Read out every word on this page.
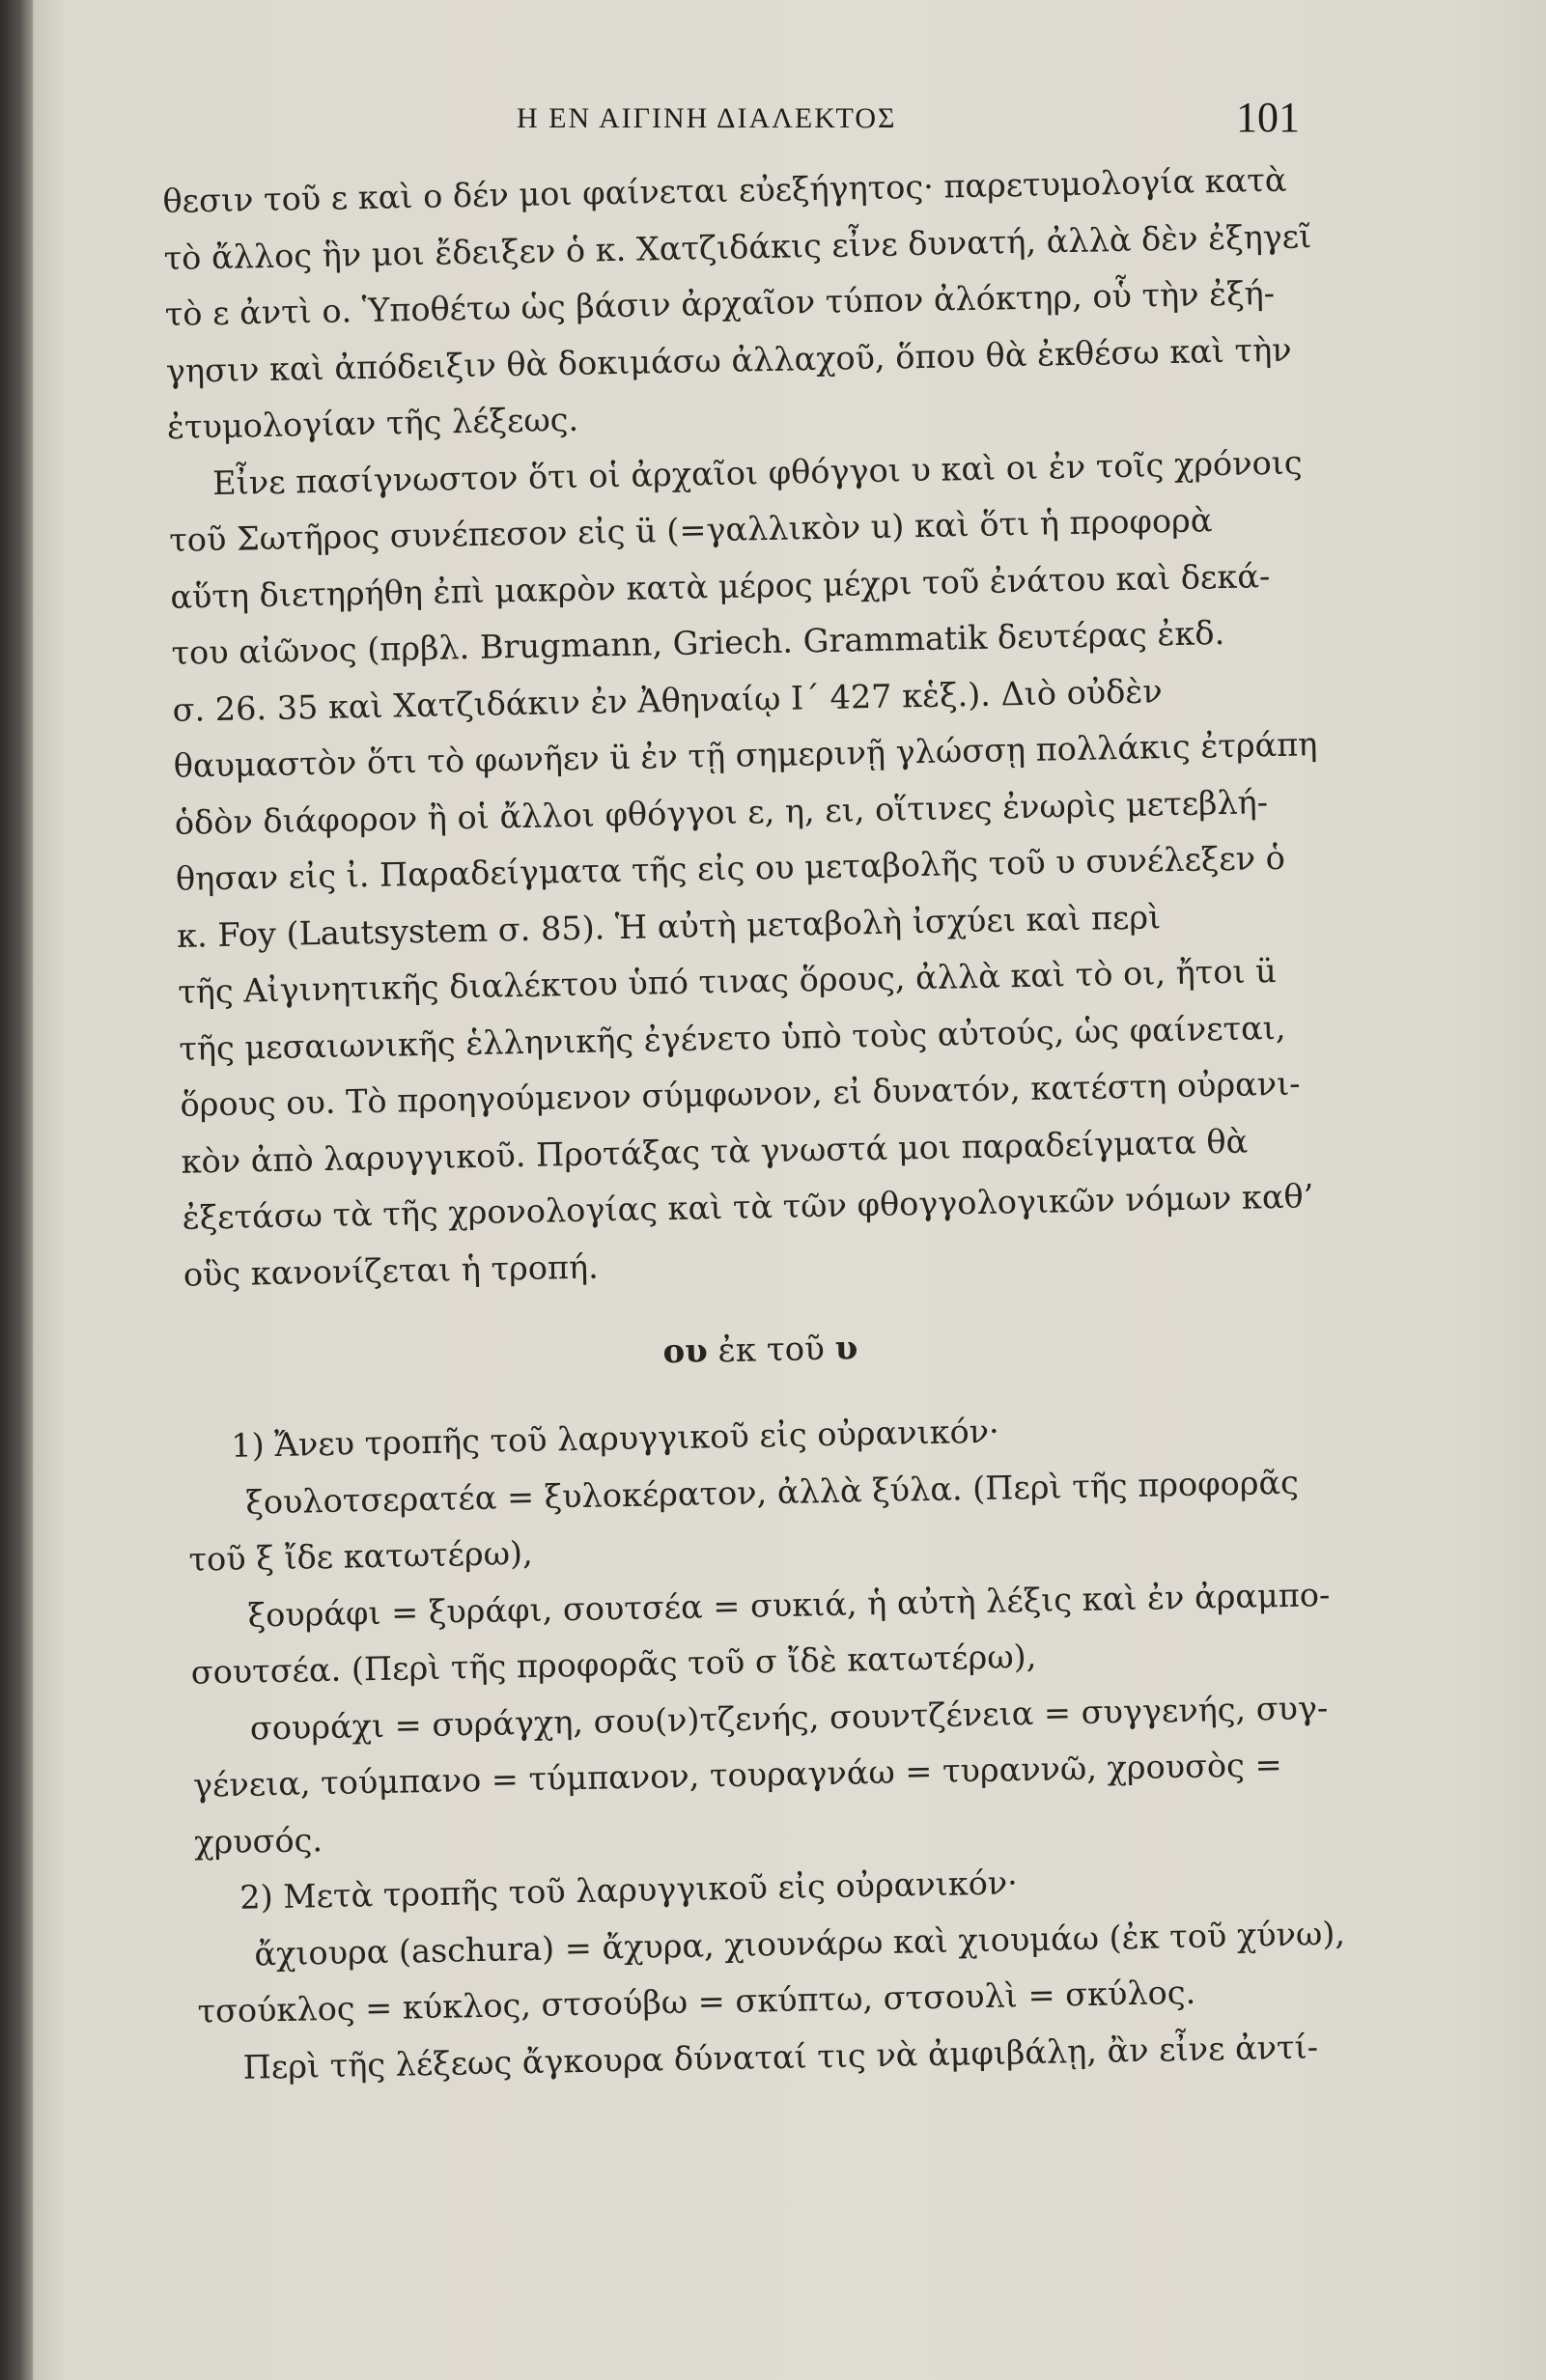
Η ΕΝ ΑΙΓΙΝΗ ΔΙΑΛΕΚΤΟΣ	101
θεσιν τοῦ ε καὶ ο δέν μοι φαίνεται εὐεξήγητος· παρετυμολογία κατὰ
τὸ ἄλλος ἣν μοι ἔδειξεν ὁ κ. Χατζιδάκις εἶνε δυνατή, ἀλλὰ δὲν ἐξηγεῖ
τὸ ε ἀντὶ ο. Ὑποθέτω ὡς βάσιν ἀρχαῖον τύπον ἀλόκτηρ, οὗ τὴν ἐξή-
γησιν καὶ ἀπόδειξιν θὰ δοκιμάσω ἀλλαχοῦ, ὅπου θὰ ἐκθέσω καὶ τὴν
ἐτυμολογίαν τῆς λέξεως.
Εἶνε πασίγνωστον ὅτι οἱ ἀρχαῖοι φθόγγοι υ καὶ οι ἐν τοῖς χρόνοις
τοῦ Σωτῆρος συνέπεσον εἰς ü (=γαλλικὸν u) καὶ ὅτι ἡ προφορὰ
αὕτη διετηρήθη ἐπὶ μακρὸν κατὰ μέρος μέχρι τοῦ ἐνάτου καὶ δεκά-
του αἰῶνος (πρβλ. Brugmann, Griech. Grammatik δευτέρας ἐκδ.
σ. 26. 35 καὶ Χατζιδάκιν ἐν Ἀθηναίῳ Ι΄ 427 κἑξ.). Διὸ οὐδὲν
θαυμαστὸν ὅτι τὸ φωνῆεν ü ἐν τῇ σημερινῇ γλώσσῃ πολλάκις ἐτράπη
ὁδὸν διάφορον ἢ οἱ ἄλλοι φθόγγοι ε, η, ει, οἵτινες ἐνωρὶς μετεβλή-
θησαν εἰς ἰ. Παραδείγματα τῆς εἰς ου μεταβολῆς τοῦ υ συνέλεξεν ὁ
κ. Foy (Lautsystem σ. 85). Ἡ αὐτὴ μεταβολὴ ἰσχύει καὶ περὶ
τῆς Αἰγινητικῆς διαλέκτου ὑπό τινας ὅρους, ἀλλὰ καὶ τὸ οι, ἤτοι ü
τῆς μεσαιωνικῆς ἑλληνικῆς ἐγένετο ὑπὸ τοὺς αὐτούς, ὡς φαίνεται,
ὅρους ου. Τὸ προηγούμενον σύμφωνον, εἰ δυνατόν, κατέστη οὐρανι-
κὸν ἀπὸ λαρυγγικοῦ. Προτάξας τὰ γνωστά μοι παραδείγματα θὰ
ἐξετάσω τὰ τῆς χρονολογίας καὶ τὰ τῶν φθογγολογικῶν νόμων καθ’
οὓς κανονίζεται ἡ τροπή.
ου ἐκ τοῦ υ
1) Ἄνευ τροπῆς τοῦ λαρυγγικοῦ εἰς οὐρανικόν·
ξουλοτσερατέα = ξυλοκέρατον, ἀλλὰ ξύλα. (Περὶ τῆς προφορᾶς
τοῦ ξ ἴδε κατωτέρω),
ξουράφι = ξυράφι, σουτσέα = συκιά, ἡ αὐτὴ λέξις καὶ ἐν ἀραμπο-
σουτσέα. (Περὶ τῆς προφορᾶς τοῦ σ ἴδὲ κατωτέρω),
σουράχι = συράγχη, σου(ν)τζενής, σουντζένεια = συγγενής, συγ-
γένεια, τούμπανο = τύμπανον, τουραγνάω = τυραννῶ, χρουσὸς =
χρυσός.
2) Μετὰ τροπῆς τοῦ λαρυγγικοῦ εἰς οὐρανικόν·
ἄχιουρα (aschura) = ἄχυρα, χιουνάρω καὶ χιουμάω (ἐκ τοῦ χύνω),
τσούκλος = κύκλος, στσούβω = σκύπτω, στσουλὶ = σκύλος.
Περὶ τῆς λέξεως ἄγκουρα δύναταί τις νὰ ἀμφιβάλῃ, ἂν εἶνε ἀντί-
